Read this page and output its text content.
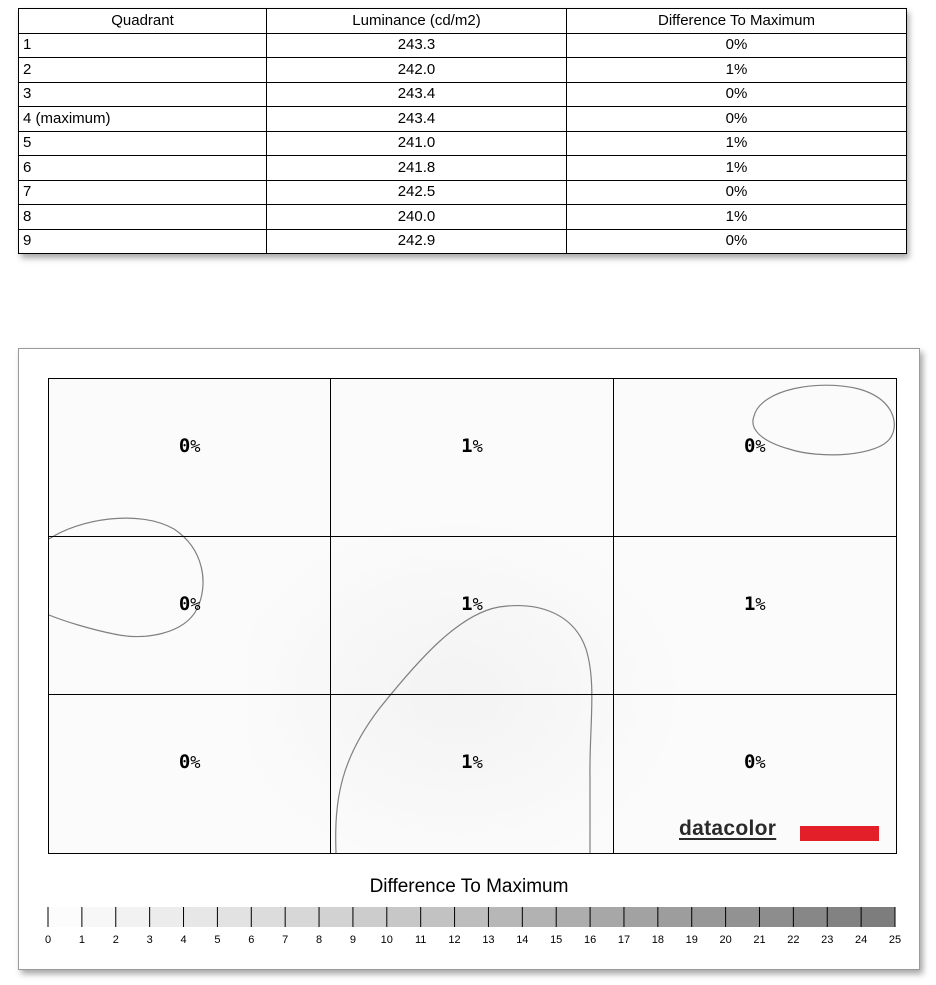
Quadrant	Luminance (cd/m2)	Difference To Maximum
1	243.3	0%
2	242.0	1%
3	243.4	0%
4 (maximum)	243.4	0%
5	241.0	1%
6	241.8	1%
7	242.5	0%
8	240.0	1%
9	242.9	0%
0%	1%	0%
0%	1%	1%
0%	1%	0%
datacolor
Difference To Maximum
0	1	2	3	4	5	6	7	8	9 10 11 12 13 14 15 16 17 18 19 20 21 22 23 24 25
